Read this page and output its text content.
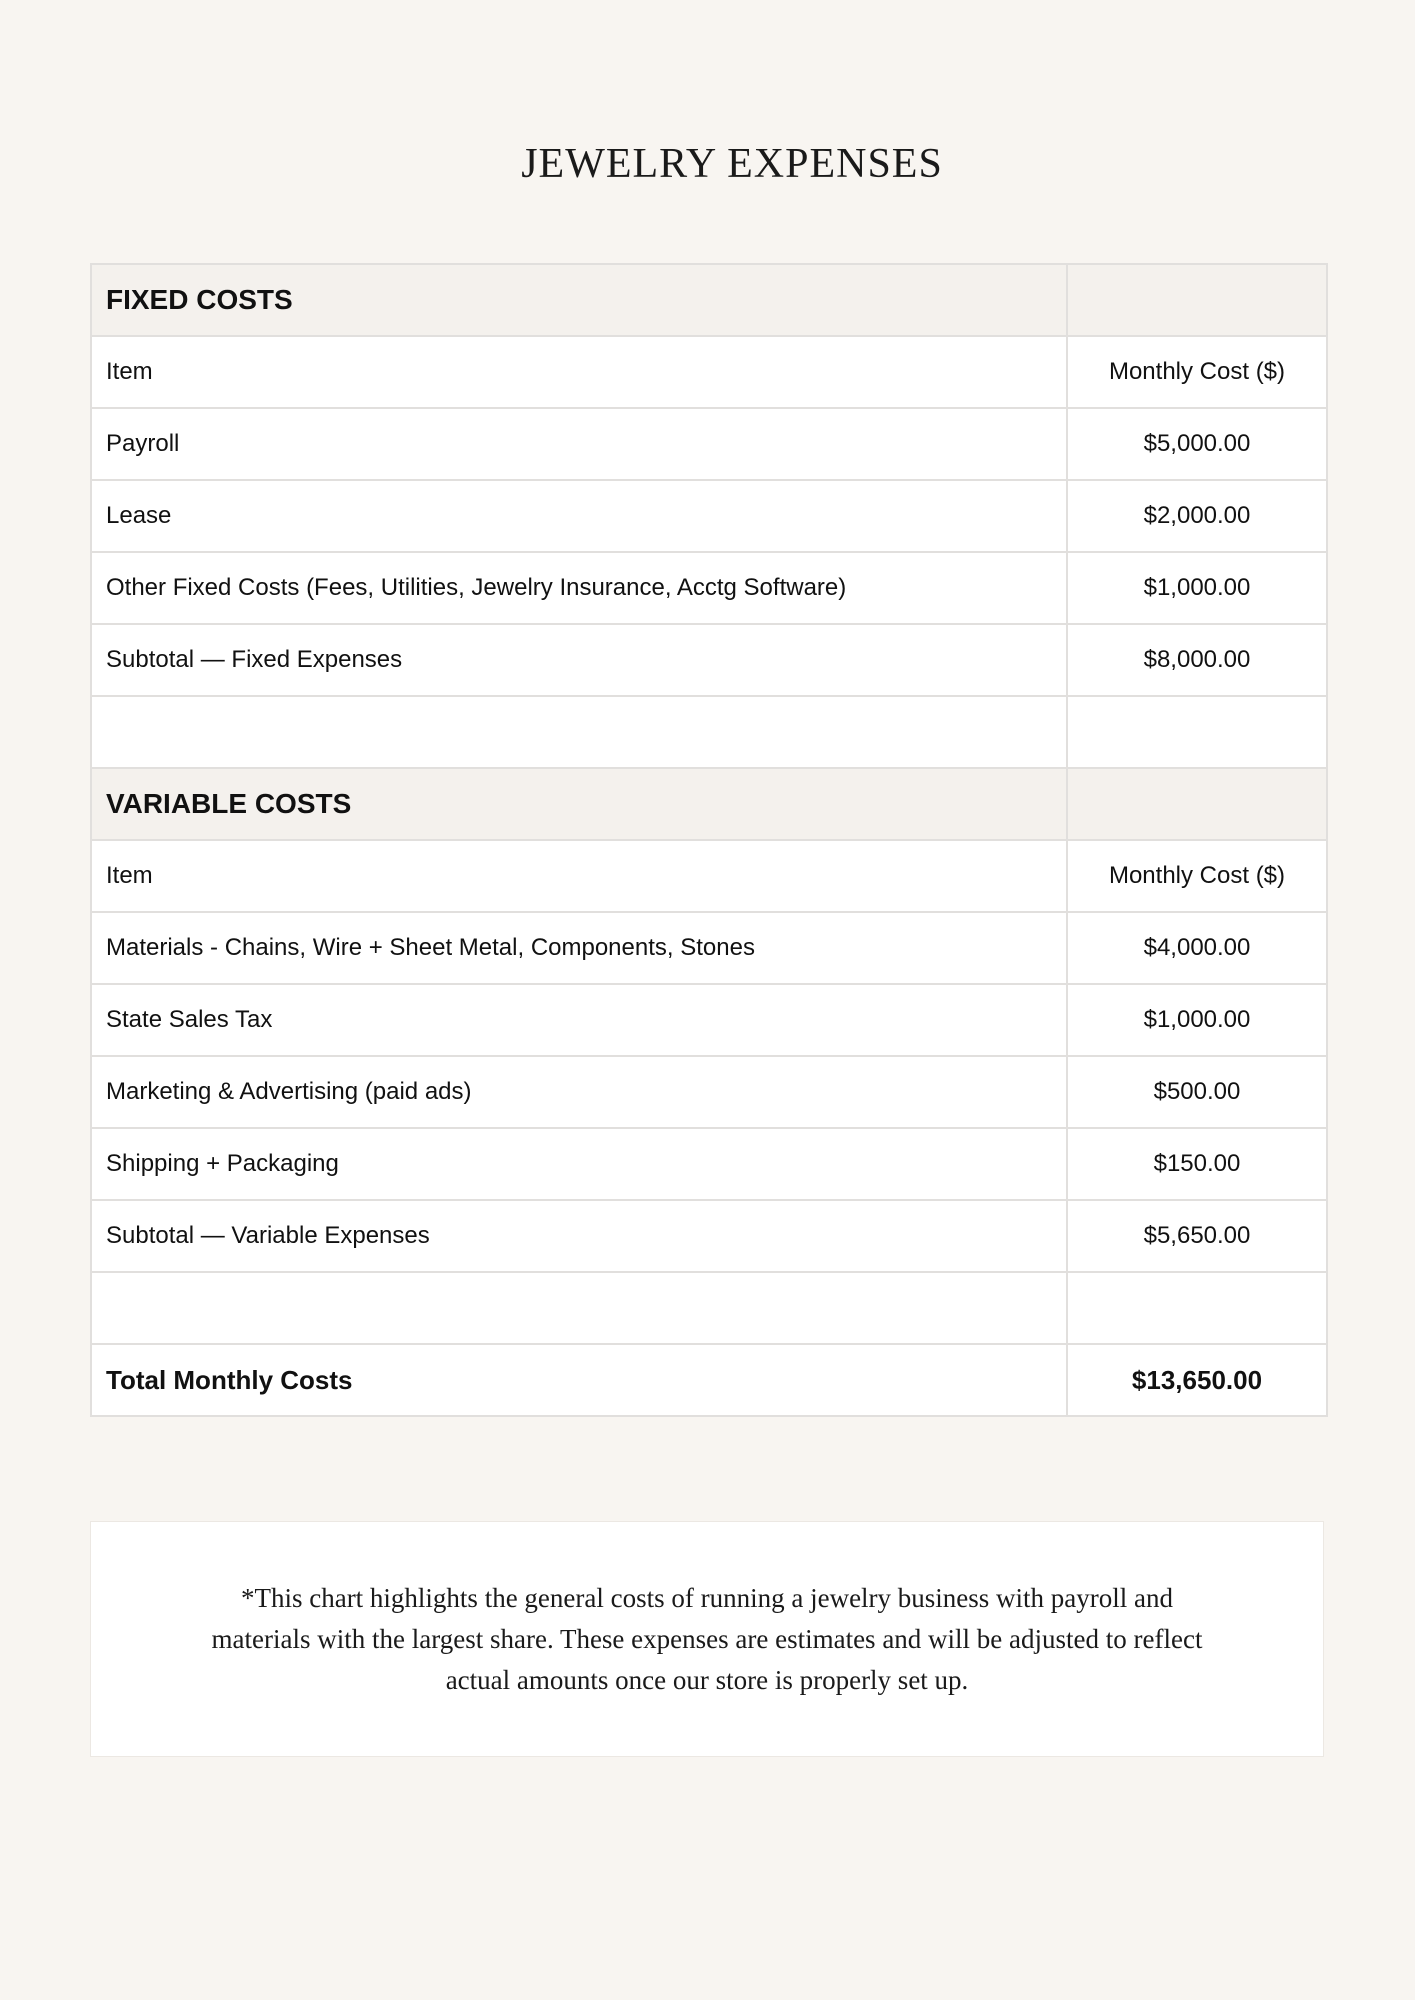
JEWELRY EXPENSES
FIXED COSTS	
Item	Monthly Cost ($)
Payroll	$5,000.00
Lease	$2,000.00
Other Fixed Costs (Fees, Utilities, Jewelry Insurance, Acctg Software)	$1,000.00
Subtotal — Fixed Expenses	$8,000.00

VARIABLE COSTS	
Item	Monthly Cost ($)
Materials - Chains, Wire + Sheet Metal, Components, Stones	$4,000.00
State Sales Tax	$1,000.00
Marketing & Advertising (paid ads)	$500.00
Shipping + Packaging	$150.00
Subtotal — Variable Expenses	$5,650.00

Total Monthly Costs	$13,650.00
*This chart highlights the general costs of running a jewelry business with payroll and materials with the largest share. These expenses are estimates and will be adjusted to reflect actual amounts once our store is properly set up.
